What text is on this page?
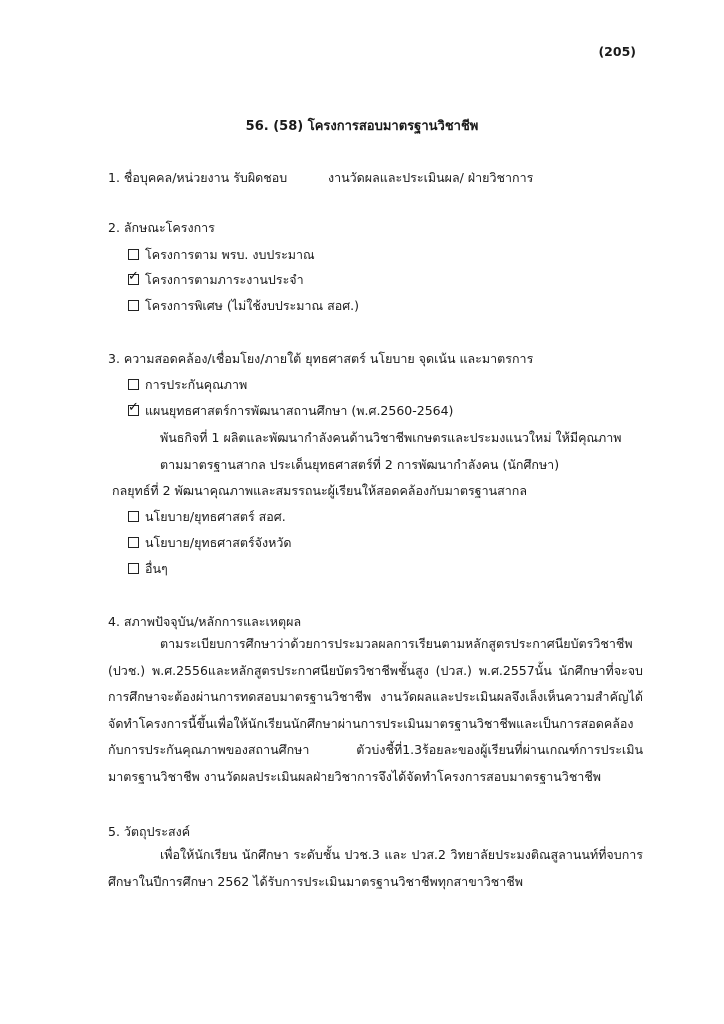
(205)
56. (58) โครงการสอบมาตรฐานวิชาชีพ
1. ชื่อบุคคล/หน่วยงาน รับผิดชอบ	งานวัดผลและประเมินผล/ ฝ่ายวิชาการ
2. ลักษณะโครงการ
โครงการตาม พรบ. งบประมาณ
✓โครงการตามภาระงานประจำ
โครงการพิเศษ (ไม่ใช้งบประมาณ สอศ.)
3. ความสอดคล้อง/เชื่อมโยง/ภายใต้ ยุทธศาสตร์ นโยบาย จุดเน้น และมาตรการ
การประกันคุณภาพ
✓แผนยุทธศาสตร์การพัฒนาสถานศึกษา (พ.ศ.2560-2564)
พันธกิจที่ 1 ผลิตและพัฒนากำลังคนด้านวิชาชีพเกษตรและประมงแนวใหม่ ให้มีคุณภาพ
ตามมาตรฐานสากล ประเด็นยุทธศาสตร์ที่ 2 การพัฒนากำลังคน (นักศึกษา)
กลยุทธ์ที่ 2 พัฒนาคุณภาพและสมรรถนะผู้เรียนให้สอดคล้องกับมาตรฐานสากล
นโยบาย/ยุทธศาสตร์ สอศ.
นโยบาย/ยุทธศาสตร์จังหวัด
อื่นๆ
4. สภาพปัจจุบัน/หลักการและเหตุผล
ตามระเบียบการศึกษาว่าด้วยการประมวลผลการเรียนตามหลักสูตรประกาศนียบัตรวิชาชีพ (ปวช.) พ.ศ.2556และหลักสูตรประกาศนียบัตรวิชาชีพชั้นสูง (ปวส.) พ.ศ.2557นั้น นักศึกษาที่จะจบการศึกษาจะต้องผ่านการทดสอบมาตรฐานวิชาชีพ งานวัดผลและประเมินผลจึงเล็งเห็นความสำคัญได้จัดทำโครงการนี้ขึ้นเพื่อให้นักเรียนนักศึกษาผ่านการประเมินมาตรฐานวิชาชีพและเป็นการสอดคล้องกับการประกันคุณภาพของสถานศึกษา ตัวบ่งชี้ที่1.3ร้อยละของผู้เรียนที่ผ่านเกณฑ์การประเมินมาตรฐานวิชาชีพ งานวัดผลประเมินผลฝ่ายวิชาการจึงได้จัดทำโครงการสอบมาตรฐานวิชาชีพ
5. วัตถุประสงค์
เพื่อให้นักเรียน นักศึกษา ระดับชั้น ปวช.3 และ ปวส.2 วิทยาลัยประมงติณสูลานนท์ที่จบการศึกษาในปีการศึกษา 2562 ได้รับการประเมินมาตรฐานวิชาชีพทุกสาขาวิชาชีพ
